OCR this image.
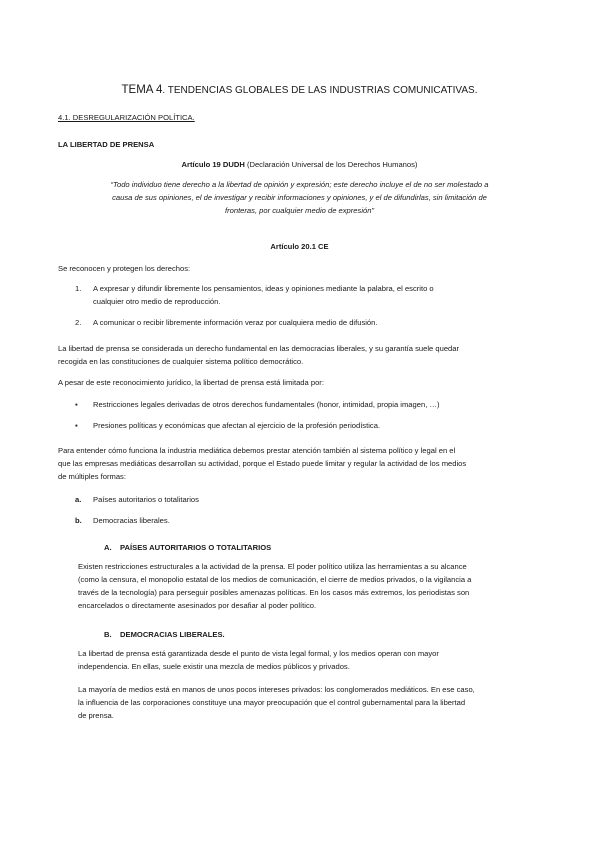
TEMA 4. TENDENCIAS GLOBALES DE LAS INDUSTRIAS COMUNICATIVAS.
4.1. DESREGULARIZACIÓN POLÍTICA.
LA LIBERTAD DE PRENSA
Artículo 19 DUDH (Declaración Universal de los Derechos Humanos)
“Todo individuo tiene derecho a la libertad de opinión y expresión; este derecho incluye el de no ser molestado a
causa de sus opiniones, el de investigar y recibir informaciones y opiniones, y el de difundirlas, sin limitación de
fronteras, por cualquier medio de expresión”
Artículo 20.1 CE
Se reconocen y protegen los derechos:
1. A expresar y difundir libremente los pensamientos, ideas y opiniones mediante la palabra, el escrito o
cualquier otro medio de reproducción.
2. A comunicar o recibir libremente información veraz por cualquiera medio de difusión.
La libertad de prensa se considerada un derecho fundamental en las democracias liberales, y su garantía suele quedar
recogida en las constituciones de cualquier sistema político democrático.
A pesar de este reconocimiento jurídico, la libertad de prensa está limitada por:
▪ Restricciones legales derivadas de otros derechos fundamentales (honor, intimidad, propia imagen, …)
▪ Presiones políticas y económicas que afectan al ejercicio de la profesión periodística.
Para entender cómo funciona la industria mediática debemos prestar atención también al sistema político y legal en el
que las empresas mediáticas desarrollan su actividad, porque el Estado puede limitar y regular la actividad de los medios
de múltiples formas:
a. Países autoritarios o totalitarios
b. Democracias liberales.
A.    PAÍSES AUTORITARIOS O TOTALITARIOS
Existen restricciones estructurales a la actividad de la prensa. El poder político utiliza las herramientas a su alcance
(como la censura, el monopolio estatal de los medios de comunicación, el cierre de medios privados, o la vigilancia a
través de la tecnología) para perseguir posibles amenazas políticas. En los casos más extremos, los periodistas son
encarcelados o directamente asesinados por desafiar al poder político.
B.    DEMOCRACIAS LIBERALES.
La libertad de prensa está garantizada desde el punto de vista legal formal, y los medios operan con mayor
independencia. En ellas, suele existir una mezcla de medios públicos y privados.
La mayoría de medios está en manos de unos pocos intereses privados: los conglomerados mediáticos. En ese caso,
la influencia de las corporaciones constituye una mayor preocupación que el control gubernamental para la libertad
de prensa.
